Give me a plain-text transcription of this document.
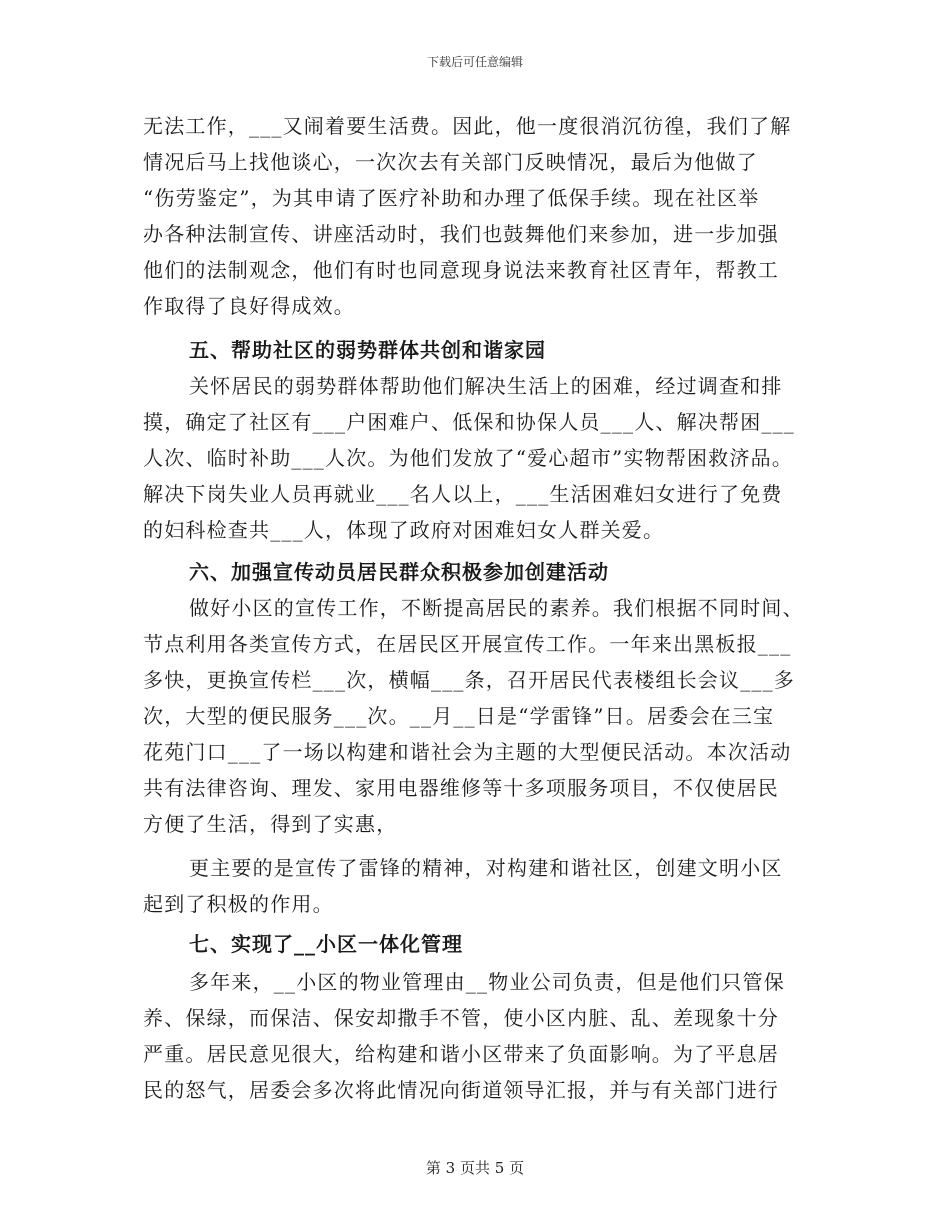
下载后可任意编辑
无法工作，___又闹着要生活费。因此，他一度很消沉彷徨，我们了解
情况后马上找他谈心，一次次去有关部门反映情况，最后为他做了
“伤劳鉴定”，为其申请了医疗补助和办理了低保手续。现在社区举
办各种法制宣传、讲座活动时，我们也鼓舞他们来参加，进一步加强
他们的法制观念，他们有时也同意现身说法来教育社区青年，帮教工
作取得了良好得成效。
五、帮助社区的弱势群体共创和谐家园
关怀居民的弱势群体帮助他们解决生活上的困难，经过调查和排
摸，确定了社区有___户困难户、低保和协保人员___人、解决帮困___
人次、临时补助___人次。为他们发放了“爱心超市”实物帮困救济品。
解决下岗失业人员再就业___名人以上，___生活困难妇女进行了免费
的妇科检查共___人，体现了政府对困难妇女人群关爱。
六、加强宣传动员居民群众积极参加创建活动
做好小区的宣传工作，不断提高居民的素养。我们根据不同时间、
节点利用各类宣传方式，在居民区开展宣传工作。一年来出黑板报___
多快，更换宣传栏___次，横幅___条，召开居民代表楼组长会议___多
次，大型的便民服务___次。__月__日是“学雷锋”日。居委会在三宝
花苑门口___了一场以构建和谐社会为主题的大型便民活动。本次活动
共有法律咨询、理发、家用电器维修等十多项服务项目，不仅使居民
方便了生活，得到了实惠，
更主要的是宣传了雷锋的精神，对构建和谐社区，创建文明小区
起到了积极的作用。
七、实现了__小区一体化管理
多年来，__小区的物业管理由__物业公司负责，但是他们只管保
养、保绿，而保洁、保安却撒手不管，使小区内脏、乱、差现象十分
严重。居民意见很大，给构建和谐小区带来了负面影响。为了平息居
民的怒气，居委会多次将此情况向街道领导汇报，并与有关部门进行
第 3 页共 5 页
